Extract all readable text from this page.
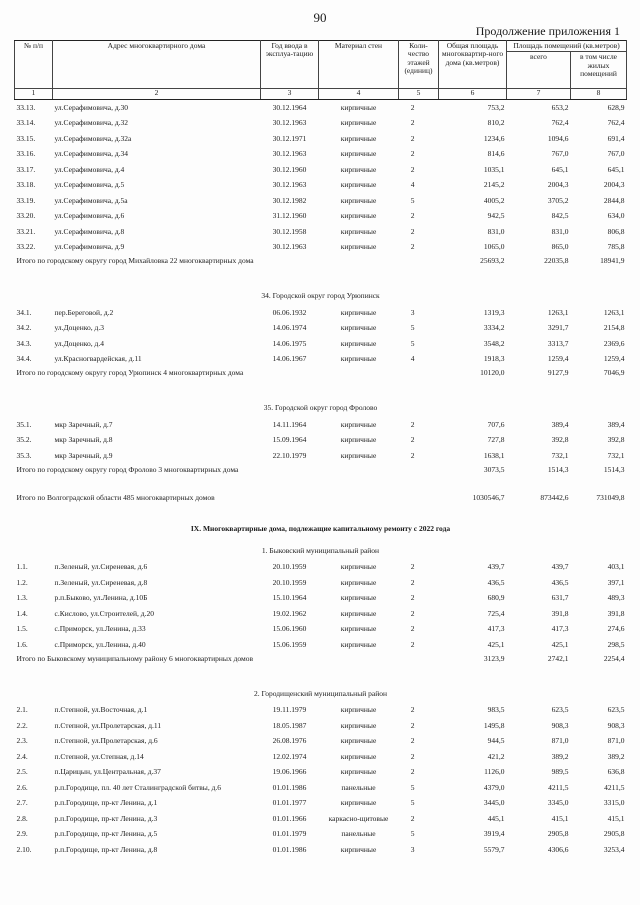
90
Продолжение приложения 1
№ п/п	Адрес многоквартирного дома	Год ввода в эксплуа-тацию	Материал стен	Коли-чество этажей (единиц)	Общая площадь многоквартир-ного дома (кв.метров)	Площадь помещений (кв.метров)	
						всего	в том числе жилых помещений
1	2	3	4	5	6	7	8
33.13.	ул.Серафимовича, д.30	30.12.1964	кирпичные	2	753,2	653,2	628,9
33.14.	ул.Серафимовича, д.32	30.12.1963	кирпичные	2	810,2	762,4	762,4
33.15.	ул.Серафимовича, д.32а	30.12.1971	кирпичные	2	1234,6	1094,6	691,4
33.16.	ул.Серафимовича, д.34	30.12.1963	кирпичные	2	814,6	767,0	767,0
33.17.	ул.Серафимовича, д.4	30.12.1960	кирпичные	2	1035,1	645,1	645,1
33.18.	ул.Серафимовича, д.5	30.12.1963	кирпичные	4	2145,2	2004,3	2004,3
33.19.	ул.Серафимовича, д.5а	30.12.1982	кирпичные	5	4005,2	3705,2	2844,8
33.20.	ул.Серафимовича, д.6	31.12.1960	кирпичные	2	942,5	842,5	634,0
33.21.	ул.Серафимовича, д.8	30.12.1958	кирпичные	2	831,0	831,0	806,8
33.22.	ул.Серафимовича, д.9	30.12.1963	кирпичные	2	1065,0	865,0	785,8
Итого по городскому округу город Михайловка 22 многоквартирных дома					25693,2	22035,8	18941,9
34. Городской округ город Урюпинск							
34.1.	пер.Береговой, д.2	06.06.1932	кирпичные	3	1319,3	1263,1	1263,1
34.2.	ул.Доценко, д.3	14.06.1974	кирпичные	5	3334,2	3291,7	2154,8
34.3.	ул.Доценко, д.4	14.06.1975	кирпичные	5	3548,2	3313,7	2369,6
34.4.	ул.Красногвардейская, д.11	14.06.1967	кирпичные	4	1918,3	1259,4	1259,4
Итого по городскому округу город Урюпинск 4 многоквартирных дома					10120,0	9127,9	7046,9
35. Городской округ город Фролово							
35.1.	мкр Заречный, д.7	14.11.1964	кирпичные	2	707,6	389,4	389,4
35.2.	мкр Заречный, д.8	15.09.1964	кирпичные	2	727,8	392,8	392,8
35.3.	мкр Заречный, д.9	22.10.1979	кирпичные	2	1638,1	732,1	732,1
Итого по городскому округу город Фролово 3 многоквартирных дома					3073,5	1514,3	1514,3
Итого по Волгоградской области 485 многоквартирных домов					1030546,7	873442,6	731049,8
IX. Многоквартирные дома, подлежащие капитальному ремонту с 2022 года							
1. Быковский муниципальный район							
1.1.	п.Зеленый, ул.Сиреневая, д.6	20.10.1959	кирпичные	2	439,7	439,7	403,1
1.2.	п.Зеленый, ул.Сиреневая, д.8	20.10.1959	кирпичные	2	436,5	436,5	397,1
1.3.	р.п.Быково, ул.Ленина, д.10Б	15.10.1964	кирпичные	2	680,9	631,7	489,3
1.4.	с.Кислово, ул.Строителей, д.20	19.02.1962	кирпичные	2	725,4	391,8	391,8
1.5.	с.Приморск, ул.Ленина, д.33	15.06.1960	кирпичные	2	417,3	417,3	274,6
1.6.	с.Приморск, ул.Ленина, д.40	15.06.1959	кирпичные	2	425,1	425,1	298,5
Итого по Быковскому муниципальному району 6 многоквартирных домов					3123,9	2742,1	2254,4
2. Городищенский муниципальный район							
2.1.	п.Степной, ул.Восточная, д.1	19.11.1979	кирпичные	2	983,5	623,5	623,5
2.2.	п.Степной, ул.Пролетарская, д.11	18.05.1987	кирпичные	2	1495,8	908,3	908,3
2.3.	п.Степной, ул.Пролетарская, д.6	26.08.1976	кирпичные	2	944,5	871,0	871,0
2.4.	п.Степной, ул.Степная, д.14	12.02.1974	кирпичные	2	421,2	389,2	389,2
2.5.	п.Царицын, ул.Центральная, д.37	19.06.1966	кирпичные	2	1126,0	989,5	636,8
2.6.	р.п.Городище, пл. 40 лет Сталинградской битвы, д.6	01.01.1986	панельные	5	4379,0	4211,5	4211,5
2.7.	р.п.Городище, пр-кт Ленина, д.1	01.01.1977	кирпичные	5	3445,0	3345,0	3315,0
2.8.	р.п.Городище, пр-кт Ленина, д.3	01.01.1966	каркасно-щитовые	2	445,1	415,1	415,1
2.9.	р.п.Городище, пр-кт Ленина, д.5	01.01.1979	панельные	5	3919,4	2905,8	2905,8
2.10.	р.п.Городище, пр-кт Ленина, д.8	01.01.1986	кирпичные	3	5579,7	4306,6	3253,4
